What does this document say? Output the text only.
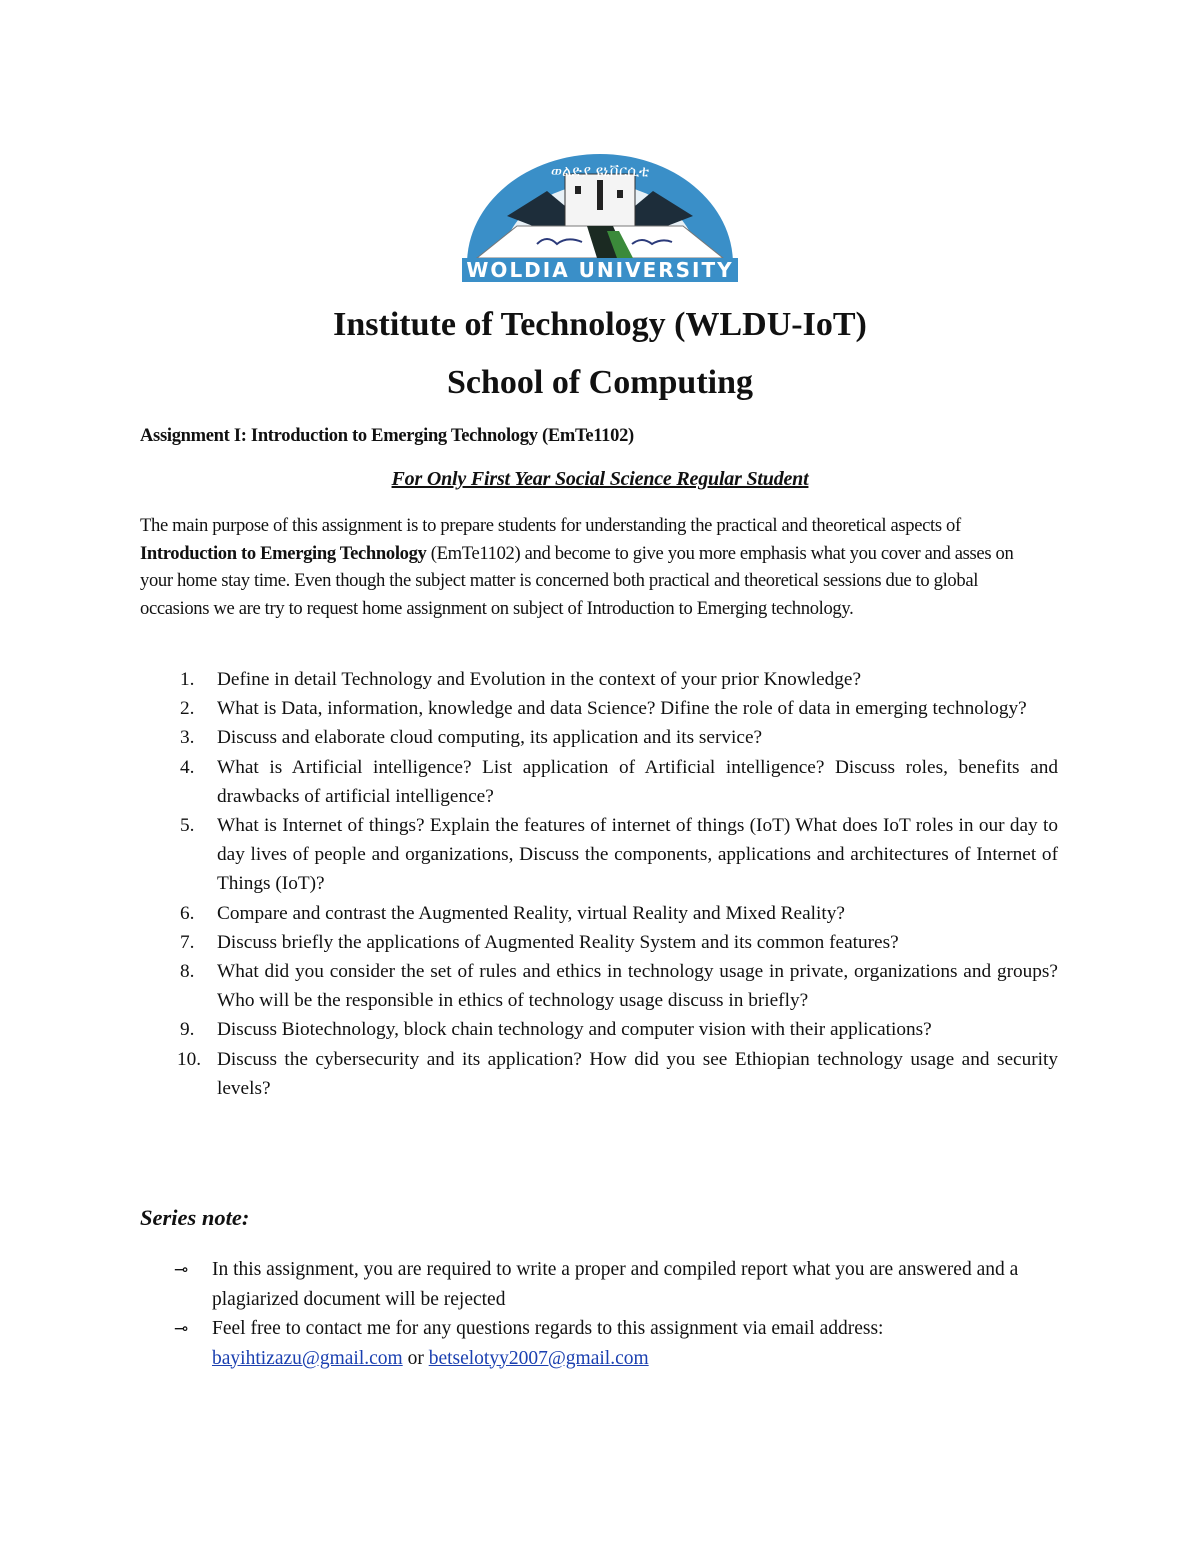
ወልድያ ዩኒቨርሲቲ
WOLDIA UNIVERSITY
Institute of Technology (WLDU-IoT)
School of Computing
Assignment I: Introduction to Emerging Technology (EmTe1102)
For Only First Year Social Science Regular Student

The main purpose of this assignment is to prepare students for understanding the practical and theoretical aspects of Introduction to Emerging Technology (EmTe1102) and become to give you more emphasis what you cover and asses on your home stay time. Even though the subject matter is concerned both practical and theoretical sessions due to global occasions we are try to request home assignment on subject of Introduction to Emerging technology.

1.	Define in detail Technology and Evolution in the context of your prior Knowledge?
2.	What is Data, information, knowledge and data Science? Difine the role of data in emerging technology?
3.	Discuss and elaborate cloud computing, its application and its service?
4.	What is Artificial intelligence? List application of Artificial intelligence? Discuss roles, benefits and drawbacks of artificial intelligence?
5.	What is Internet of things? Explain the features of internet of things (IoT) What does IoT roles in our day to day lives of people and organizations, Discuss the components, applications and architectures of Internet of Things (IoT)?
6.	Compare and contrast the Augmented Reality, virtual Reality and Mixed Reality?
7.	Discuss briefly the applications of Augmented Reality System and its common features?
8.	What did you consider the set of rules and ethics in technology usage in private, organizations and groups? Who will be the responsible in ethics of technology usage discuss in briefly?
9.	Discuss Biotechnology, block chain technology and computer vision with their applications?
10. Discuss the cybersecurity and its application? How did you see Ethiopian technology usage and security levels?
Series note:
⊸ In this assignment, you are required to write a proper and compiled report what you are answered and a plagiarized document will be rejected
⊸ Feel free to contact me for any questions regards to this assignment via email address:
bayihtizazu@gmail.com or betselotyy2007@gmail.com
